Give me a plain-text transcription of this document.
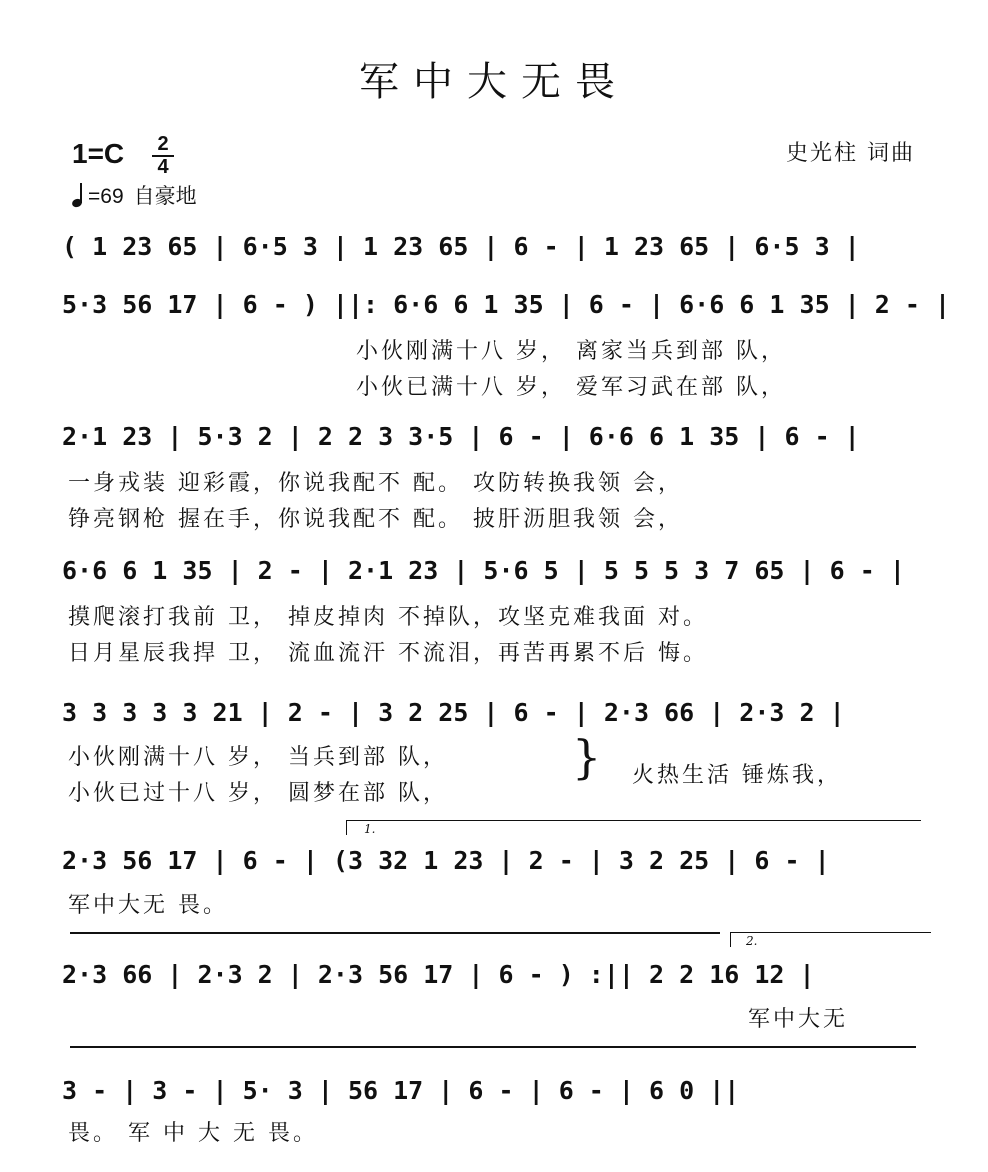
军中大无畏
1=C 2
4
史光柱 词曲
=69 自豪地
( 1 23 65 | 6·5 3 | 1 23 65 | 6 - | 1 23 65 | 6·5 3 |
5·3 56 17 | 6 - ) ||: 6·6 6 1 35 | 6 - | 6·6 6 1 35 | 2 - |
小伙刚满十八 岁， 离家当兵到部 队，
小伙已满十八 岁， 爱军习武在部 队，
2·1 23 | 5·3 2 | 2 2 3 3·5 | 6 - | 6·6 6 1 35 | 6 - |
一身戎装 迎彩霞，你说我配不 配。 攻防转换我领 会，
铮亮钢枪 握在手，你说我配不 配。 披肝沥胆我领 会，
6·6 6 1 35 | 2 - | 2·1 23 | 5·6 5 | 5 5 5 3 7 65 | 6 - |
摸爬滚打我前 卫， 掉皮掉肉 不掉队，攻坚克难我面 对。
日月星辰我捍 卫， 流血流汗 不流泪，再苦再累不后 悔。
3 3 3 3 3 21 | 2 - | 3 2 25 | 6 - | 2·3 66 | 2·3 2 |
小伙刚满十八 岁， 当兵到部 队，
小伙已过十八 岁， 圆梦在部 队，
} 火热生活 锤炼我，
1.
2·3 56 17 | 6 - | (3 32 1 23 | 2 - | 3 2 25 | 6 - |
军中大无 畏。
2.
2·3 66 | 2·3 2 | 2·3 56 17 | 6 - ) :|| 2 2 16 12 |
军中大无
3 - | 3 - | 5· 3 | 56 17 | 6 - | 6 - | 6 0 ||
畏。 军 中 大 无 畏。
